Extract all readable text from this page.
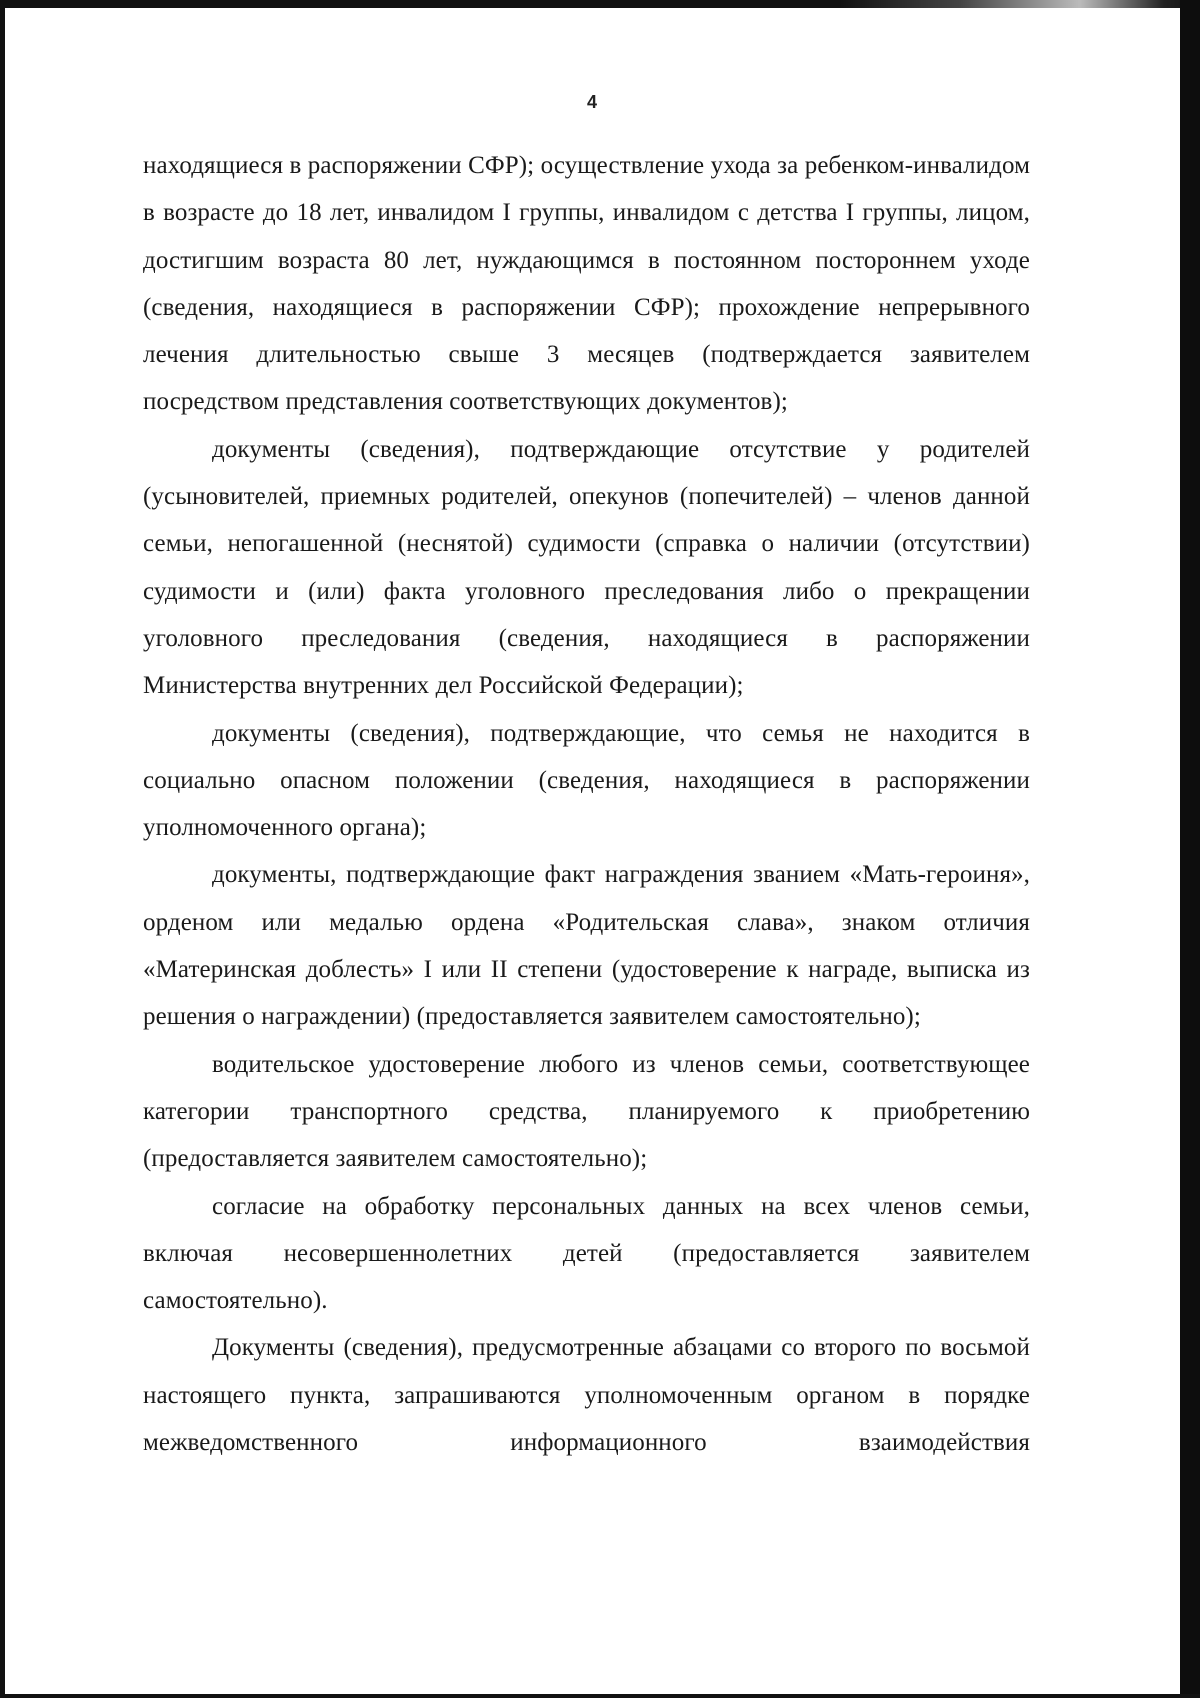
4

находящиеся в распоряжении СФР); осуществление ухода за ребенком-инвалидом в возрасте до 18 лет, инвалидом I группы, инвалидом с детства I группы, лицом, достигшим возраста 80 лет, нуждающимся в постоянном постороннем уходе (сведения, находящиеся в распоряжении СФР); прохождение непрерывного лечения длительностью свыше 3 месяцев (подтверждается заявителем посредством представления соответствующих документов);

документы (сведения), подтверждающие отсутствие у родителей (усыновителей, приемных родителей, опекунов (попечителей) – членов данной семьи, непогашенной (неснятой) судимости (справка о наличии (отсутствии) судимости и (или) факта уголовного преследования либо о прекращении уголовного преследования (сведения, находящиеся в распоряжении Министерства внутренних дел Российской Федерации);

документы (сведения), подтверждающие, что семья не находится в социально опасном положении (сведения, находящиеся в распоряжении уполномоченного органа);

документы, подтверждающие факт награждения званием «Мать-героиня», орденом или медалью ордена «Родительская слава», знаком отличия «Материнская доблесть» I или II степени (удостоверение к награде, выписка из решения о награждении) (предоставляется заявителем самостоятельно);

водительское удостоверение любого из членов семьи, соответствующее категории транспортного средства, планируемого к приобретению (предоставляется заявителем самостоятельно);

согласие на обработку персональных данных на всех членов семьи, включая несовершеннолетних детей (предоставляется заявителем самостоятельно).

Документы (сведения), предусмотренные абзацами со второго по восьмой настоящего пункта, запрашиваются уполномоченным органом в порядке межведомственного информационного взаимодействия
